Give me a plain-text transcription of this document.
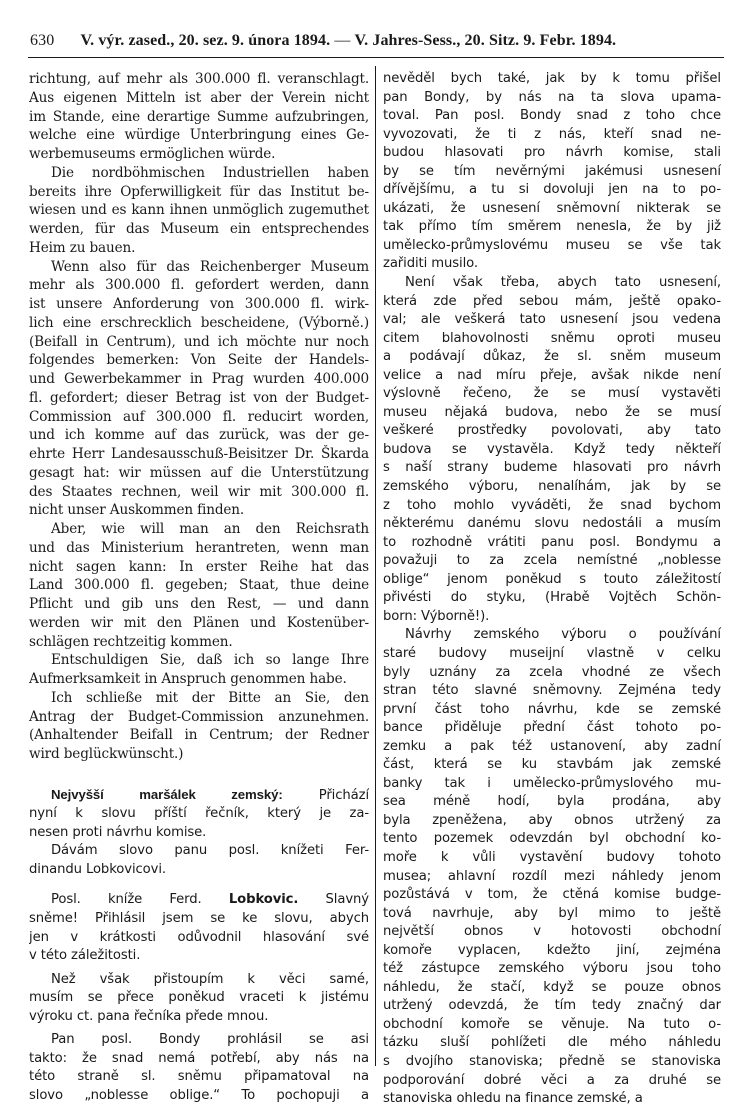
630 V. výr. zased., 20. sez. 9. února 1894. — V. Jahres-Sess., 20. Sitz. 9. Febr. 1894.

richtung, auf mehr als 300.000 fl. veranschlagt.

Aus eigenen Mitteln ist aber der Verein nicht

im Stande, eine derartige Summe aufzubringen,

welche eine würdige Unterbringung eines Ge-

werbemuseums ermöglichen würde.

Die nordböhmischen Industriellen haben

bereits ihre Opferwilligkeit für das Institut be-

wiesen und es kann ihnen unmöglich zugemuthet

werden, für das Museum ein entsprechendes

Heim zu bauen.

Wenn also für das Reichenberger Museum

mehr als 300.000 fl. gefordert werden, dann

ist unsere Anforderung von 300.000 fl. wirk-

lich eine erschrecklich bescheidene, (Výborně.)

(Beifall in Centrum), und ich möchte nur noch

folgendes bemerken: Von Seite der Handels-

und Gewerbekammer in Prag wurden 400.000

fl. gefordert; dieser Betrag ist von der Budget-

Commission auf 300.000 fl. reducirt worden,

und ich komme auf das zurück, was der ge-

ehrte Herr Landesausschuß-Beisitzer Dr. Škarda

gesagt hat: wir müssen auf die Unterstützung

des Staates rechnen, weil wir mit 300.000 fl.

nicht unser Auskommen finden.

Aber, wie will man an den Reichsrath

und das Ministerium herantreten, wenn man

nicht sagen kann: In erster Reihe hat das

Land 300.000 fl. gegeben; Staat, thue deine

Pflicht und gib uns den Rest, — und dann

werden wir mit den Plänen und Kostenüber-

schlägen rechtzeitig kommen.

Entschuldigen Sie, daß ich so lange Ihre

Aufmerksamkeit in Anspruch genommen habe.

Ich schließe mit der Bitte an Sie, den

Antrag der Budget-Commission anzunehmen.

(Anhaltender Beifall in Centrum; der Redner

wird beglückwünscht.)

Nejvyšší maršálek zemský: Přichází

nyní k slovu příští řečník, který je za-

nesen proti návrhu komise.

Dávám slovo panu posl. knížeti Fer-

dinandu Lobkovicovi.

Posl. kníže Ferd. Lobkovic. Slavný

sněme! Přihlásil jsem se ke slovu, abych

jen v krátkosti odůvodnil hlasování své

v této záležitosti.

Než však přistoupím k věci samé,

musím se přece poněkud vraceti k jistému

výroku ct. pana řečníka přede mnou.

Pan posl. Bondy prohlásil se asi

takto: že snad nemá potřebí, aby nás na

této straně sl. sněmu připamatoval na

slovo „noblesse oblige.“ To pochopuji a

nevěděl bych také, jak by k tomu přišel

pan Bondy, by nás na ta slova upama-

toval. Pan posl. Bondy snad z toho chce

vyvozovati, že ti z nás, kteří snad ne-

budou hlasovati pro návrh komise, stali

by se tím nevěrnými jakémusi usnesení

dřívějšímu, a tu si dovoluji jen na to po-

ukázati, že usnesení sněmovní nikterak se

tak přímo tím směrem nenesla, že by již

umělecko-průmyslovému museu se vše tak

zařiditi musilo.

Není však třeba, abych tato usnesení,

která zde před sebou mám, ještě opako-

val; ale veškerá tato usnesení jsou vedena

citem blahovolnosti sněmu oproti museu

a podávají důkaz, že sl. sněm museum

velice a nad míru přeje, avšak nikde není

výslovně řečeno, že se musí vystavěti

museu nějaká budova, nebo že se musí

veškeré prostředky povolovati, aby tato

budova se vystavěla. Když tedy někteří

s naší strany budeme hlasovati pro návrh

zemského výboru, nenalíhám, jak by se

z toho mohlo vyváděti, že snad bychom

některému danému slovu nedostáli a musím

to rozhodně vrátiti panu posl. Bondymu a

považuji to za zcela nemístné „noblesse

oblige“ jenom poněkud s touto záležitostí

přivésti do styku, (Hrabě Vojtěch Schön-

born: Výborně!).

Návrhy zemského výboru o používání

staré budovy museijní vlastně v celku

byly uznány za zcela vhodné ze všech

stran této slavné sněmovny. Zejména tedy

první část toho návrhu, kde se zemské

bance přiděluje přední část tohoto po-

zemku a pak též ustanovení, aby zadní

část, která se ku stavbám jak zemské

banky tak i umělecko-průmyslového mu-

sea méně hodí, byla prodána, aby

byla zpeněžena, aby obnos utržený za

tento pozemek odevzdán byl obchodní ko-

moře k vůli vystavění budovy tohoto

musea; ahlavní rozdíl mezi náhledy jenom

pozůstává v tom, že ctěná komise budge-

tová navrhuje, aby byl mimo to ještě

největší obnos v hotovosti obchodní

komoře vyplacen, kdežto jiní, zejména

též zástupce zemského výboru jsou toho

náhledu, že stačí, když se pouze obnos

utržený odevzdá, že tím tedy značný dar

obchodní komoře se věnuje. Na tuto o-

tázku sluší pohlížeti dle mého náhledu

s dvojího stanoviska; předně se stanoviska

podporování dobré věci a za druhé se

stanoviska ohledu na finance zemské, a
